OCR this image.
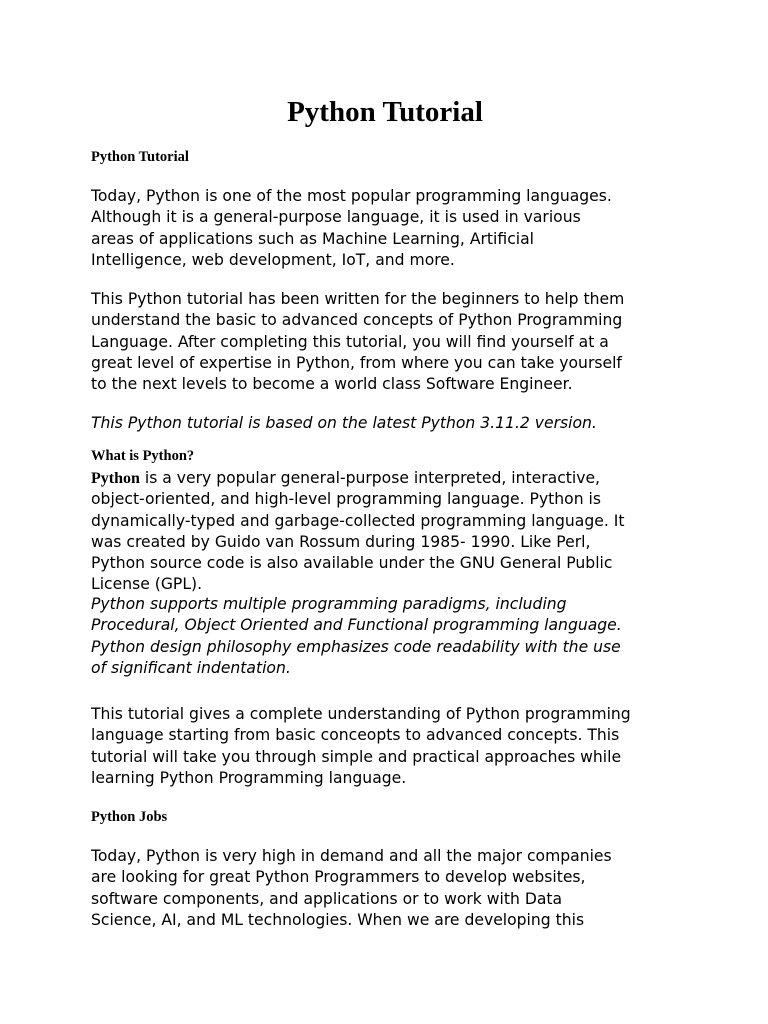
Python Tutorial
Python Tutorial

Today, Python is one of the most popular programming languages.
Although it is a general-purpose language, it is used in various
areas of applications such as Machine Learning, Artificial
Intelligence, web development, IoT, and more.

This Python tutorial has been written for the beginners to help them
understand the basic to advanced concepts of Python Programming
Language. After completing this tutorial, you will find yourself at a
great level of expertise in Python, from where you can take yourself
to the next levels to become a world class Software Engineer.

This Python tutorial is based on the latest Python 3.11.2 version.

What is Python?

Python is a very popular general-purpose interpreted, interactive,
object-oriented, and high-level programming language. Python is
dynamically-typed and garbage-collected programming language. It
was created by Guido van Rossum during 1985- 1990. Like Perl,
Python source code is also available under the GNU General Public
License (GPL).

Python supports multiple programming paradigms, including
Procedural, Object Oriented and Functional programming language.
Python design philosophy emphasizes code readability with the use
of significant indentation.

This tutorial gives a complete understanding of Python programming
language starting from basic conceopts to advanced concepts. This
tutorial will take you through simple and practical approaches while
learning Python Programming language.

Python Jobs

Today, Python is very high in demand and all the major companies
are looking for great Python Programmers to develop websites,
software components, and applications or to work with Data
Science, AI, and ML technologies. When we are developing this
